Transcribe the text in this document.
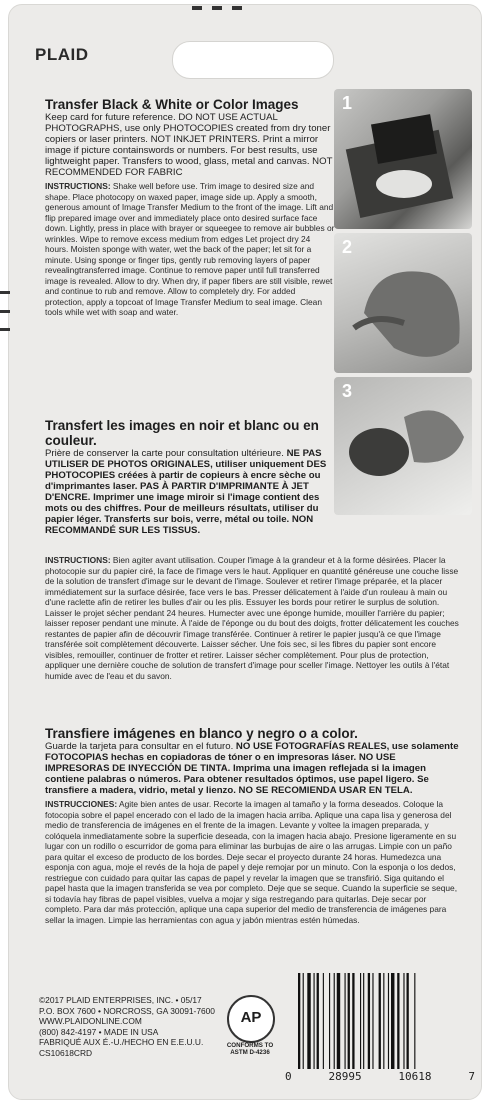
PLAID
Transfer Black & White or Color Images

Keep card for future reference. DO NOT USE ACTUAL PHOTOGRAPHS, use only PHOTOCOPIES created from dry toner copiers or laser printers. NOT INKJET PRINTERS. Print a mirror image if picture containswords or numbers. For best results, use lightweight paper. Transfers to wood, glass, metal and canvas. NOT RECOMMENDED FOR FABRIC

INSTRUCTIONS: Shake well before use. Trim image to desired size and shape. Place photocopy on waxed paper, image side up. Apply a smooth, generous amount of Image Transfer Medium to the front of the image. Lift and flip prepared image over and immediately place onto desired surface face down. Lightly, press in place with brayer or squeegee to remove air bubbles or wrinkles. Wipe to remove excess medium from edges Let project dry 24 hours. Moisten sponge with water, wet the back of the paper; let sit for a minute. Using sponge or finger tips, gently rub removing layers of paper revealingtransferred image. Continue to remove paper until full transferred image is revealed. Allow to dry. When dry, if paper fibers are still visible, rewet and continue to rub and remove. Allow to completely dry. For added protection, apply a topcoat of Image Transfer Medium to seal image. Clean tools while wet with soap and water.

Transfert les images en noir et blanc ou en couleur.

Prière de conserver la carte pour consultation ultérieure. NE PAS UTILISER DE PHOTOS ORIGINALES, utiliser uniquement DES PHOTOCOPIES créées à partir de copieurs à encre sèche ou d'imprimantes laser. PAS À PARTIR D'IMPRIMANTE À JET D'ENCRE. Imprimer une image miroir si l'image contient des mots ou des chiffres. Pour de meilleurs résultats, utiliser du papier léger. Transferts sur bois, verre, métal ou toile. NON RECOMMANDÉ SUR LES TISSUS.

INSTRUCTIONS: Bien agiter avant utilisation. Couper l'image à la grandeur et à la forme désirées. Placer la photocopie sur du papier ciré, la face de l'image vers le haut. Appliquer en quantité généreuse une couche lisse de la solution de transfert d'image sur le devant de l'image. Soulever et retirer l'image préparée, et la placer immédiatement sur la surface désirée, face vers le bas. Presser délicatement à l'aide d'un rouleau à main ou d'une raclette afin de retirer les bulles d'air ou les plis. Essuyer les bords pour retirer le surplus de solution. Laisser le projet sécher pendant 24 heures. Humecter avec une éponge humide, mouiller l'arrière du papier; laisser reposer pendant une minute. À l'aide de l'éponge ou du bout des doigts, frotter délicatement les couches restantes de papier afin de découvrir l'image transférée. Continuer à retirer le papier jusqu'à ce que l'image transférée soit complètement découverte. Laisser sécher. Une fois sec, si les fibres du papier sont encore visibles, remouiller, continuer de frotter et retirer. Laisser sécher complètement. Pour plus de protection, appliquer une dernière couche de solution de transfert d'image pour sceller l'image. Nettoyer les outils à l'état humide avec de l'eau et du savon.

Transfiere imágenes en blanco y negro o a color.

Guarde la tarjeta para consultar en el futuro. NO USE FOTOGRAFÍAS REALES, use solamente FOTOCOPIAS hechas en copiadoras de tóner o en impresoras láser. NO USE IMPRESORAS DE INYECCIÓN DE TINTA. Imprima una imagen reflejada si la imagen contiene palabras o números. Para obtener resultados óptimos, use papel ligero. Se transfiere a madera, vidrio, metal y lienzo. NO SE RECOMIENDA USAR EN TELA.

INSTRUCCIONES: Agite bien antes de usar. Recorte la imagen al tamaño y la forma deseados. Coloque la fotocopia sobre el papel encerado con el lado de la imagen hacia arriba. Aplique una capa lisa y generosa del medio de transferencia de imágenes en el frente de la imagen. Levante y voltee la imagen preparada, y colóquela inmediatamente sobre la superficie deseada, con la imagen hacia abajo. Presione ligeramente en su lugar con un rodillo o escurridor de goma para eliminar las burbujas de aire o las arrugas. Limpie con un paño para quitar el exceso de producto de los bordes. Deje secar el proyecto durante 24 horas. Humedezca una esponja con agua, moje el revés de la hoja de papel y deje remojar por un minuto. Con la esponja o los dedos, restriegue con cuidado para quitar las capas de papel y revelar la imagen que se transfirió. Siga quitando el papel hasta que la imagen transferida se vea por completo. Deje que se seque. Cuando la superficie se seque, si todavía hay fibras de papel visibles, vuelva a mojar y siga restregando para quitarlas. Deje secar por completo. Para dar más protección, aplique una capa superior del medio de transferencia de imágenes para sellar la imagen. Limpie las herramientas con agua y jabón mientras estén húmedas.

1
2
3
©2017 PLAID ENTERPRISES, INC. • 05/17
P.O. BOX 7600 • NORCROSS, GA 30091-7600
WWW.PLAIDONLINE.COM
(800) 842-4197 • MADE IN USA
FABRIQUÉ AUX É.-U./HECHO EN E.E.U.U.
CS10618CRD
AP
CONFORMS TO ASTM D-4236
0	28995	10618	7
